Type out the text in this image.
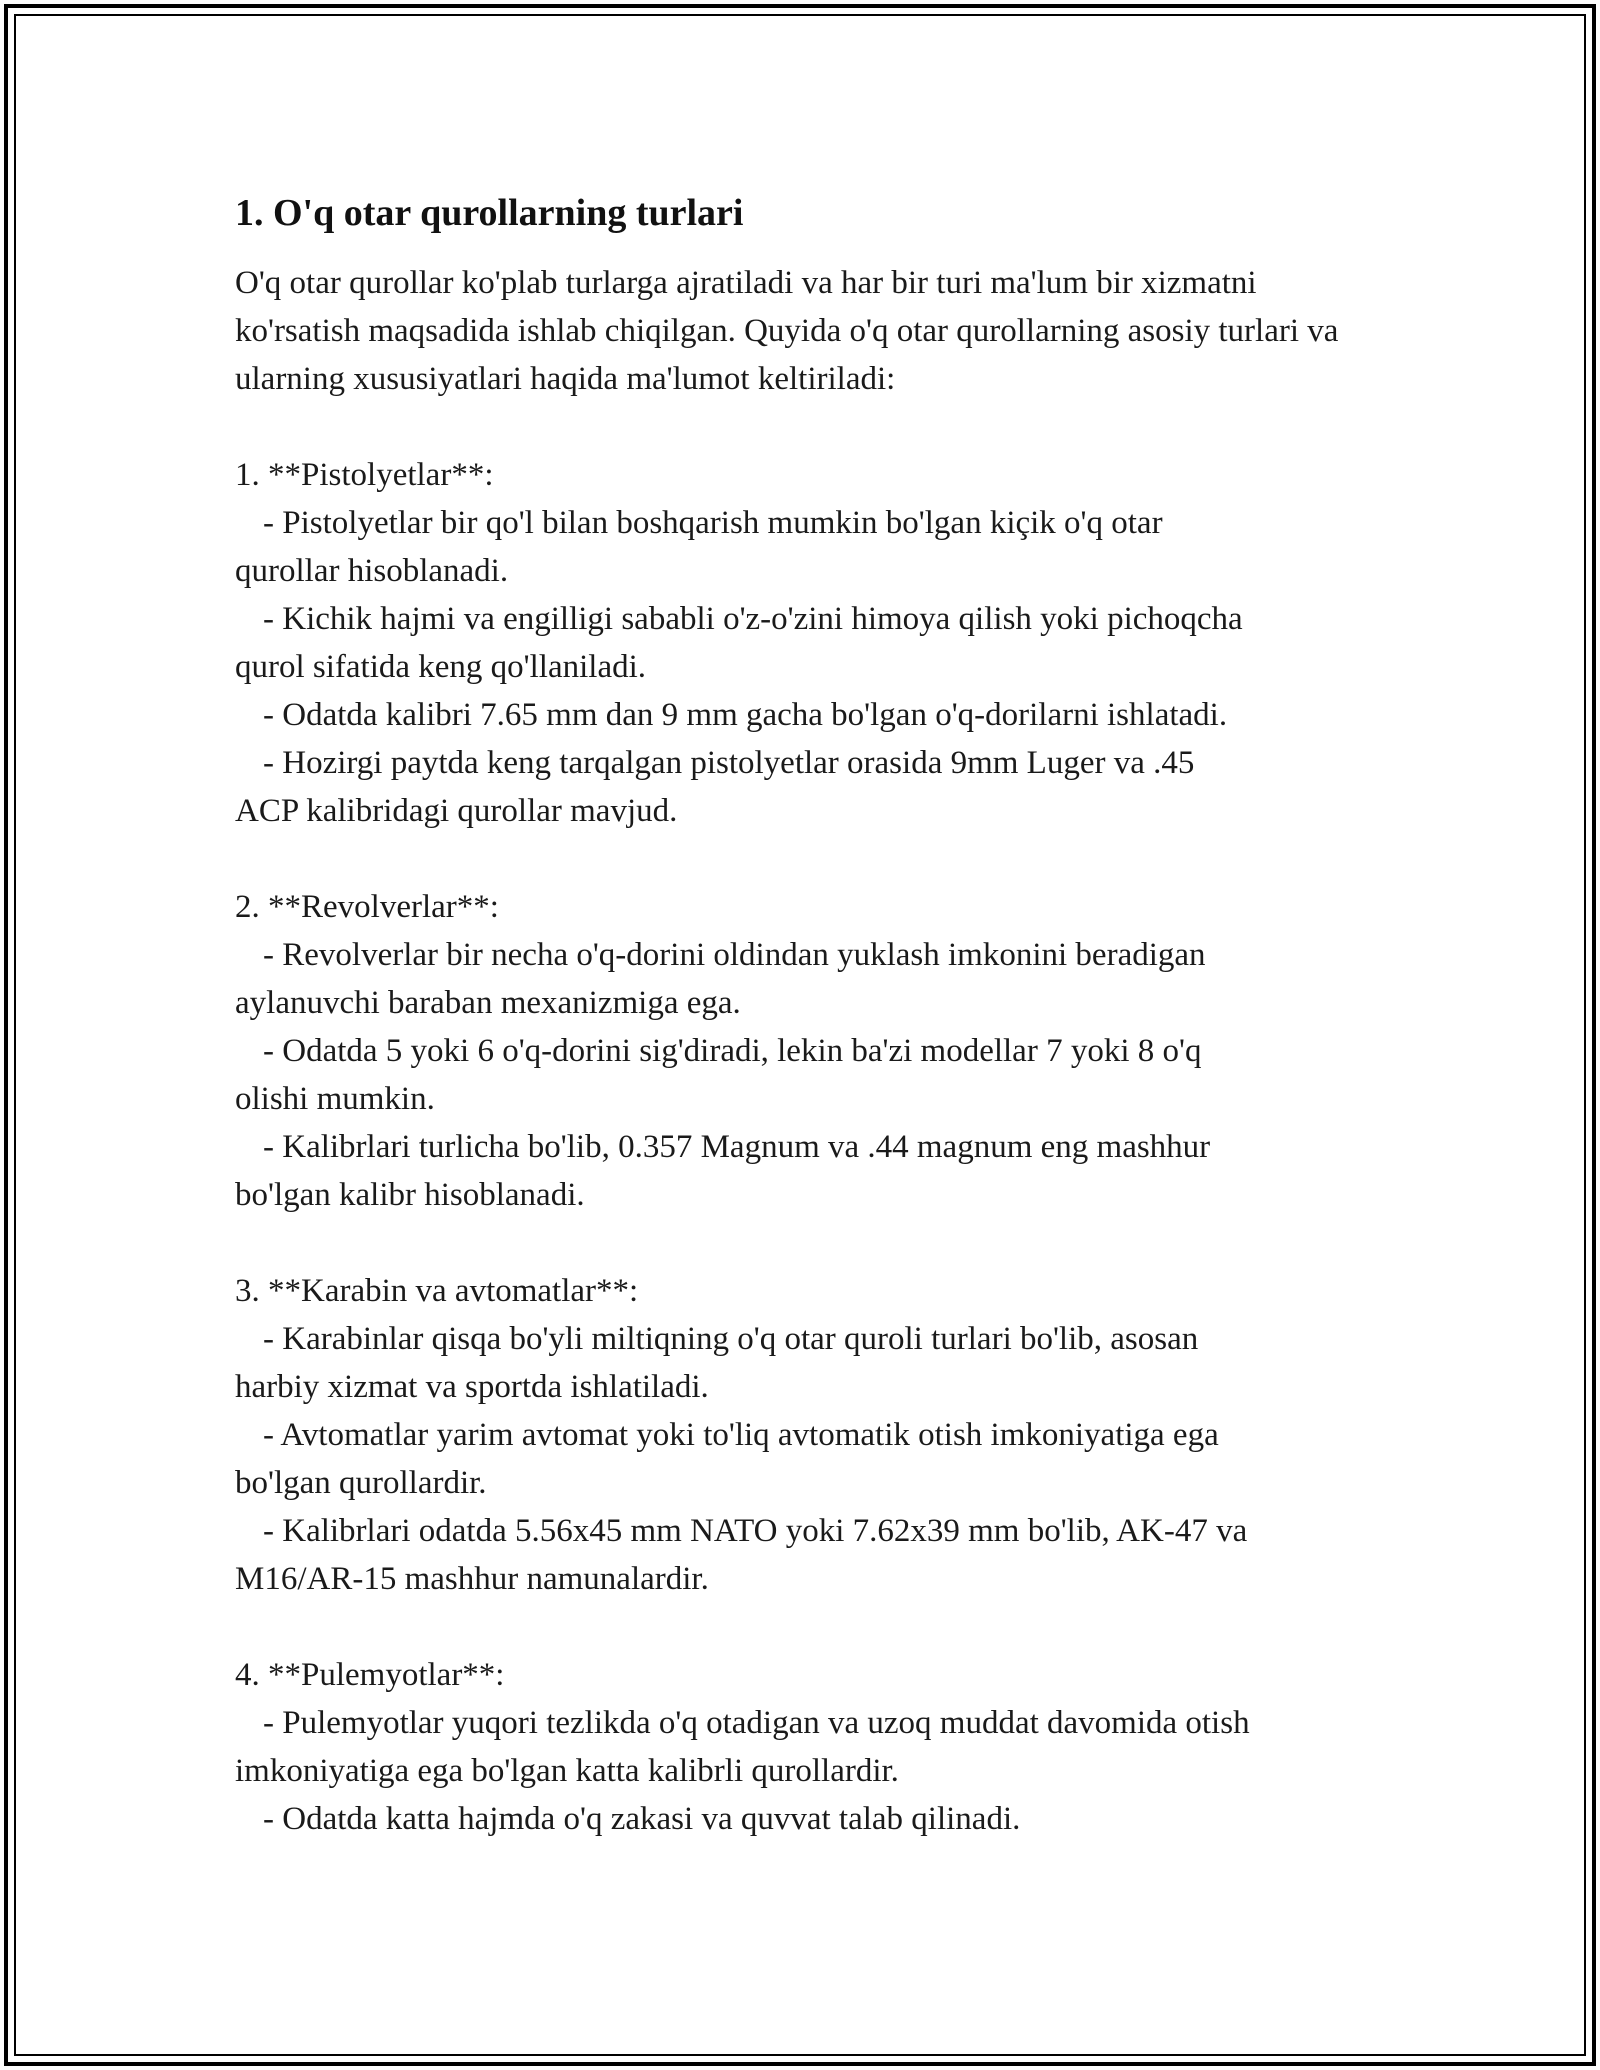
1. O'q otar qurollarning turlari

O'q otar qurollar ko'plab turlarga ajratiladi va har bir turi ma'lum bir xizmatni ko'rsatish maqsadida ishlab chiqilgan. Quyida o'q otar qurollarning asosiy turlari va ularning xususiyatlari haqida ma'lumot keltiriladi:

1. **Pistolyetlar**:
- Pistolyetlar bir qo'l bilan boshqarish mumkin bo'lgan kiçik o'q otar
qurollar hisoblanadi.
- Kichik hajmi va engilligi sababli o'z-o'zini himoya qilish yoki pichoqcha
qurol sifatida keng qo'llaniladi.
- Odatda kalibri 7.65 mm dan 9 mm gacha bo'lgan o'q-dorilarni ishlatadi.
- Hozirgi paytda keng tarqalgan pistolyetlar orasida 9mm Luger va .45
ACP kalibridagi qurollar mavjud.
2. **Revolverlar**:
- Revolverlar bir necha o'q-dorini oldindan yuklash imkonini beradigan
aylanuvchi baraban mexanizmiga ega.
- Odatda 5 yoki 6 o'q-dorini sig'diradi, lekin ba'zi modellar 7 yoki 8 o'q
olishi mumkin.
- Kalibrlari turlicha bo'lib, 0.357 Magnum va .44 magnum eng mashhur
bo'lgan kalibr hisoblanadi.
3. **Karabin va avtomatlar**:
- Karabinlar qisqa bo'yli miltiqning o'q otar quroli turlari bo'lib, asosan
harbiy xizmat va sportda ishlatiladi.
- Avtomatlar yarim avtomat yoki to'liq avtomatik otish imkoniyatiga ega
bo'lgan qurollardir.
- Kalibrlari odatda 5.56x45 mm NATO yoki 7.62x39 mm bo'lib, AK-47 va
M16/AR-15 mashhur namunalardir.
4. **Pulemyotlar**:
- Pulemyotlar yuqori tezlikda o'q otadigan va uzoq muddat davomida otish
imkoniyatiga ega bo'lgan katta kalibrli qurollardir.
- Odatda katta hajmda o'q zakasi va quvvat talab qilinadi.
